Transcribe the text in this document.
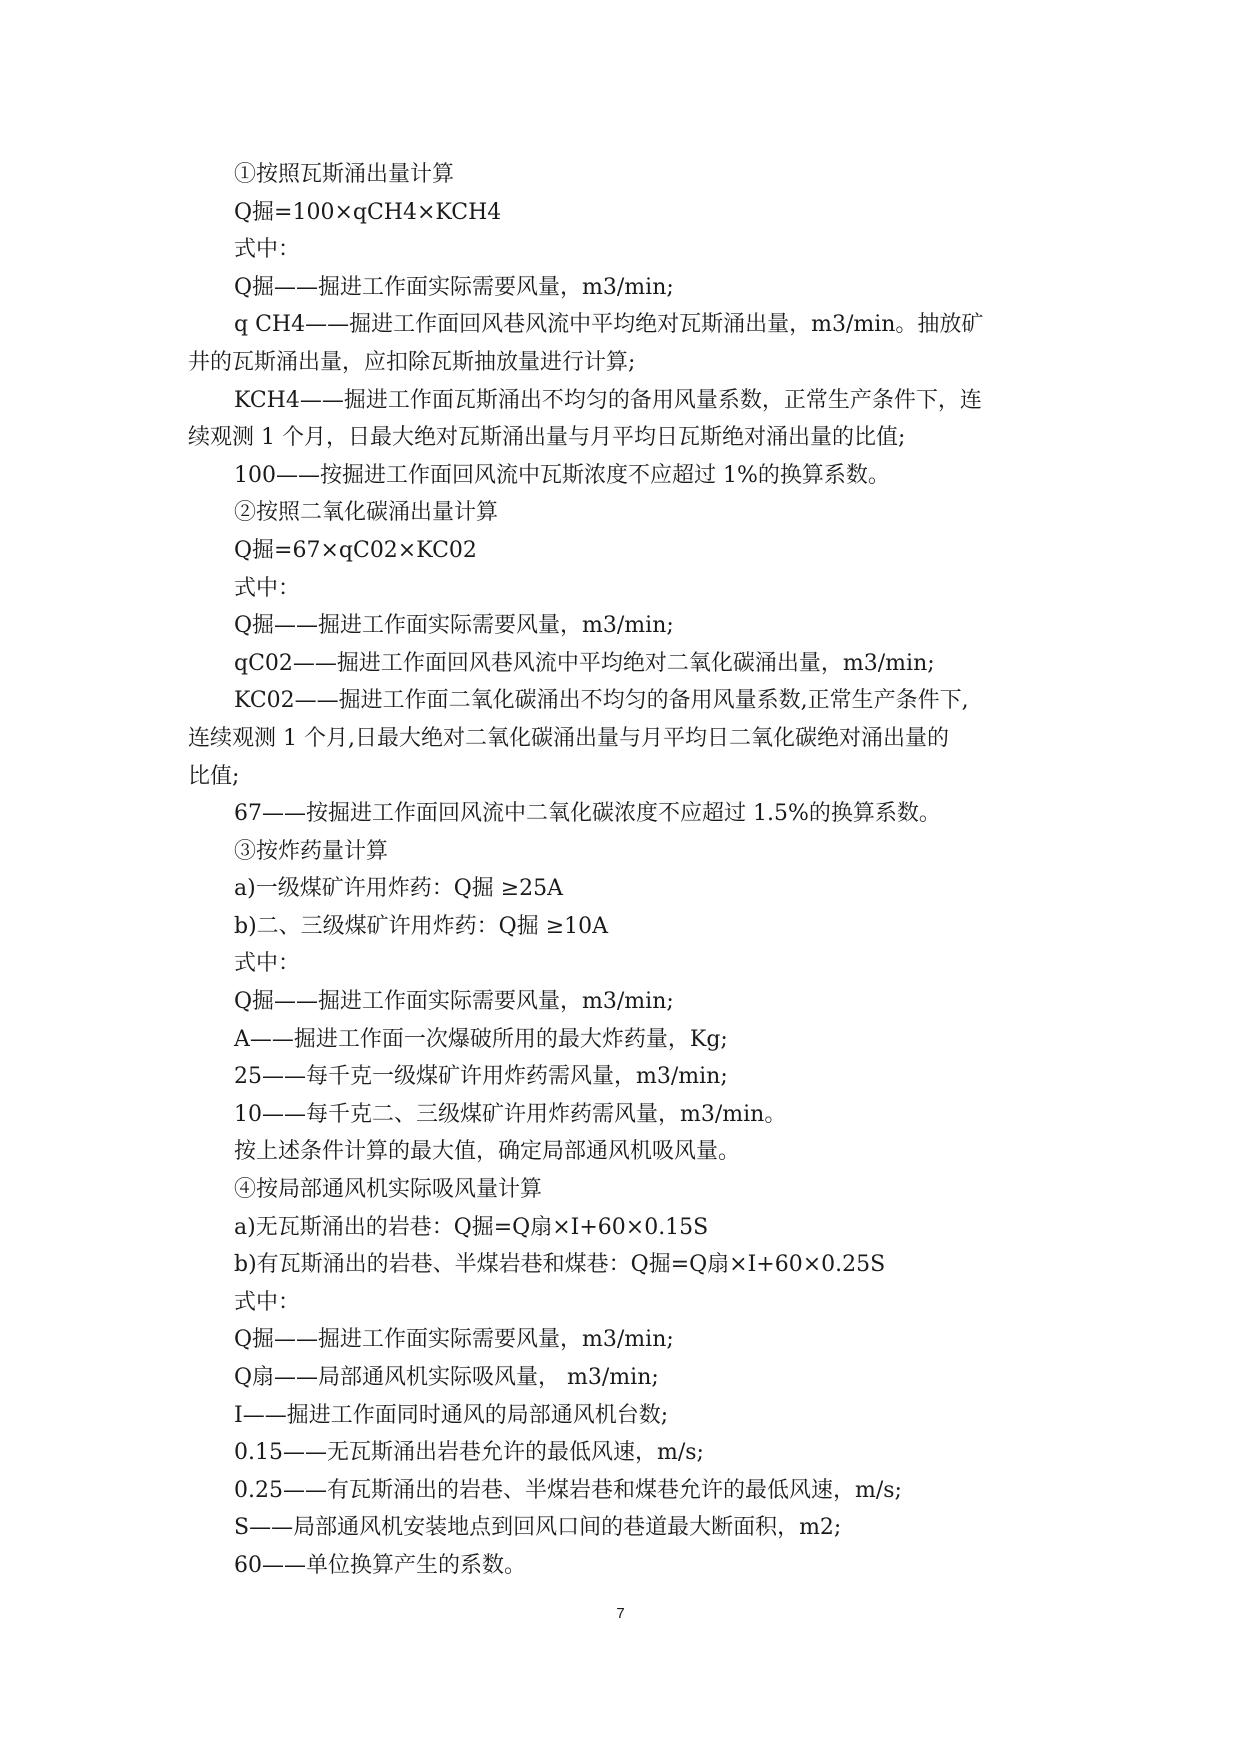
①按照瓦斯涌出量计算
Q掘=100×qCH4×KCH4
式中：
Q掘——掘进工作面实际需要风量，m3/min;
q CH4——掘进工作面回风巷风流中平均绝对瓦斯涌出量，m3/min。抽放矿
井的瓦斯涌出量，应扣除瓦斯抽放量进行计算;
KCH4——掘进工作面瓦斯涌出不均匀的备用风量系数，正常生产条件下，连
续观测 1 个月，日最大绝对瓦斯涌出量与月平均日瓦斯绝对涌出量的比值;
100——按掘进工作面回风流中瓦斯浓度不应超过 1%的换算系数。
②按照二氧化碳涌出量计算
Q掘=67×qC02×KC02
式中：
Q掘——掘进工作面实际需要风量，m3/min;
qC02——掘进工作面回风巷风流中平均绝对二氧化碳涌出量，m3/min;
KC02——掘进工作面二氧化碳涌出不均匀的备用风量系数,正常生产条件下,
连续观测 1 个月,日最大绝对二氧化碳涌出量与月平均日二氧化碳绝对涌出量的
比值;
67——按掘进工作面回风流中二氧化碳浓度不应超过 1.5%的换算系数。
③按炸药量计算
a)一级煤矿许用炸药：Q掘 ≥25A
b)二、三级煤矿许用炸药：Q掘 ≥10A
式中：
Q掘——掘进工作面实际需要风量，m3/min;
A——掘进工作面一次爆破所用的最大炸药量，Kg;
25——每千克一级煤矿许用炸药需风量，m3/min;
10——每千克二、三级煤矿许用炸药需风量，m3/min。
按上述条件计算的最大值，确定局部通风机吸风量。
④按局部通风机实际吸风量计算
a)无瓦斯涌出的岩巷：Q掘=Q扇×I+60×0.15S
b)有瓦斯涌出的岩巷、半煤岩巷和煤巷：Q掘=Q扇×I+60×0.25S
式中：
Q掘——掘进工作面实际需要风量，m3/min;
Q扇——局部通风机实际吸风量， m3/min;
I——掘进工作面同时通风的局部通风机台数;
0.15——无瓦斯涌出岩巷允许的最低风速，m/s;
0.25——有瓦斯涌出的岩巷、半煤岩巷和煤巷允许的最低风速，m/s;
S——局部通风机安装地点到回风口间的巷道最大断面积，m2;
60——单位换算产生的系数。
7
